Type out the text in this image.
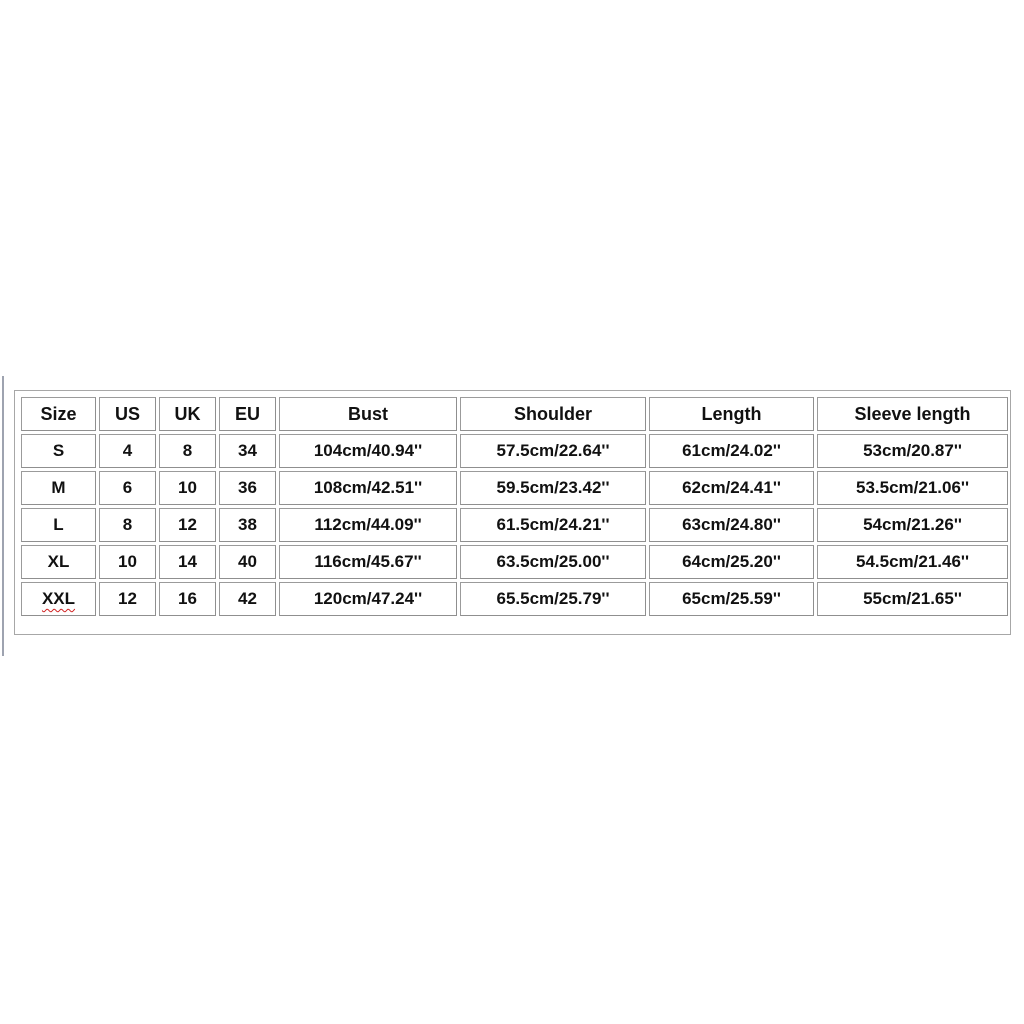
Size	US	UK	EU	Bust	Shoulder	Length	Sleeve length
S	4	8	34	104cm/40.94''	57.5cm/22.64''	61cm/24.02''	53cm/20.87''
M	6	10	36	108cm/42.51''	59.5cm/23.42''	62cm/24.41''	53.5cm/21.06''
L	8	12	38	112cm/44.09''	61.5cm/24.21''	63cm/24.80''	54cm/21.26''
XL	10	14	40	116cm/45.67''	63.5cm/25.00''	64cm/25.20''	54.5cm/21.46''
XXL	12	16	42	120cm/47.24''	65.5cm/25.79''	65cm/25.59''	55cm/21.65''
